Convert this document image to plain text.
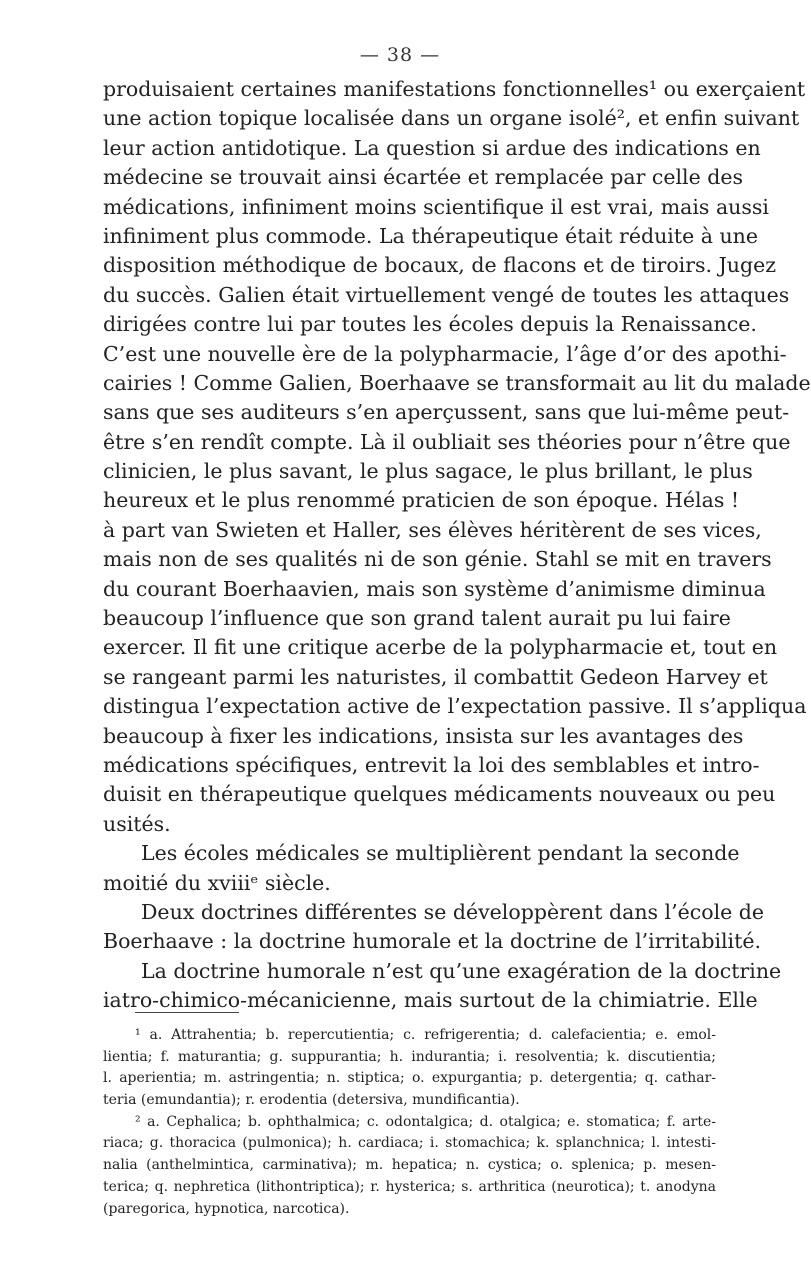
— 38 —
produisaient certaines manifestations fonctionnelles¹ ou exerçaient
une action topique localisée dans un organe isolé², et enfin suivant
leur action antidotique. La question si ardue des indications en
médecine se trouvait ainsi écartée et remplacée par celle des
médications, infiniment moins scientifique il est vrai, mais aussi
infiniment plus commode. La thérapeutique était réduite à une
disposition méthodique de bocaux, de flacons et de tiroirs. Jugez
du succès. Galien était virtuellement vengé de toutes les attaques
dirigées contre lui par toutes les écoles depuis la Renaissance.
C’est une nouvelle ère de la polypharmacie, l’âge d’or des apothi-
cairies ! Comme Galien, Boerhaave se transformait au lit du malade
sans que ses auditeurs s’en aperçussent, sans que lui-même peut-
être s’en rendît compte. Là il oubliait ses théories pour n’être que
clinicien, le plus savant, le plus sagace, le plus brillant, le plus
heureux et le plus renommé praticien de son époque. Hélas !
à part van Swieten et Haller, ses élèves héritèrent de ses vices,
mais non de ses qualités ni de son génie. Stahl se mit en travers
du courant Boerhaavien, mais son système d’animisme diminua
beaucoup l’influence que son grand talent aurait pu lui faire
exercer. Il fit une critique acerbe de la polypharmacie et, tout en
se rangeant parmi les naturistes, il combattit Gedeon Harvey et
distingua l’expectation active de l’expectation passive. Il s’appliqua
beaucoup à fixer les indications, insista sur les avantages des
médications spécifiques, entrevit la loi des semblables et intro-
duisit en thérapeutique quelques médicaments nouveaux ou peu
usités.
Les écoles médicales se multiplièrent pendant la seconde
moitié du xviiiᵉ siècle.
Deux doctrines différentes se développèrent dans l’école de
Boerhaave : la doctrine humorale et la doctrine de l’irritabilité.
La doctrine humorale n’est qu’une exagération de la doctrine
iatro-chimico-mécanicienne, mais surtout de la chimiatrie. Elle
¹ a. Attrahentia; b. repercutientia; c. refrigerentia; d. calefacientia; e. emol-
lientia; f. maturantia; g. suppurantia; h. indurantia; i. resolventia; k. discutientia;
l. aperientia; m. astringentia; n. stiptica; o. expurgantia; p. detergentia; q. cathar-
teria (emundantia); r. erodentia (detersiva, mundificantia).
² a. Cephalica; b. ophthalmica; c. odontalgica; d. otalgica; e. stomatica; f. arte-
riaca; g. thoracica (pulmonica); h. cardiaca; i. stomachica; k. splanchnica; l. intesti-
nalia (anthelmintica, carminativa); m. hepatica; n. cystica; o. splenica; p. mesen-
terica; q. nephretica (lithontriptica); r. hysterica; s. arthritica (neurotica); t. anodyna
(paregorica, hypnotica, narcotica).
